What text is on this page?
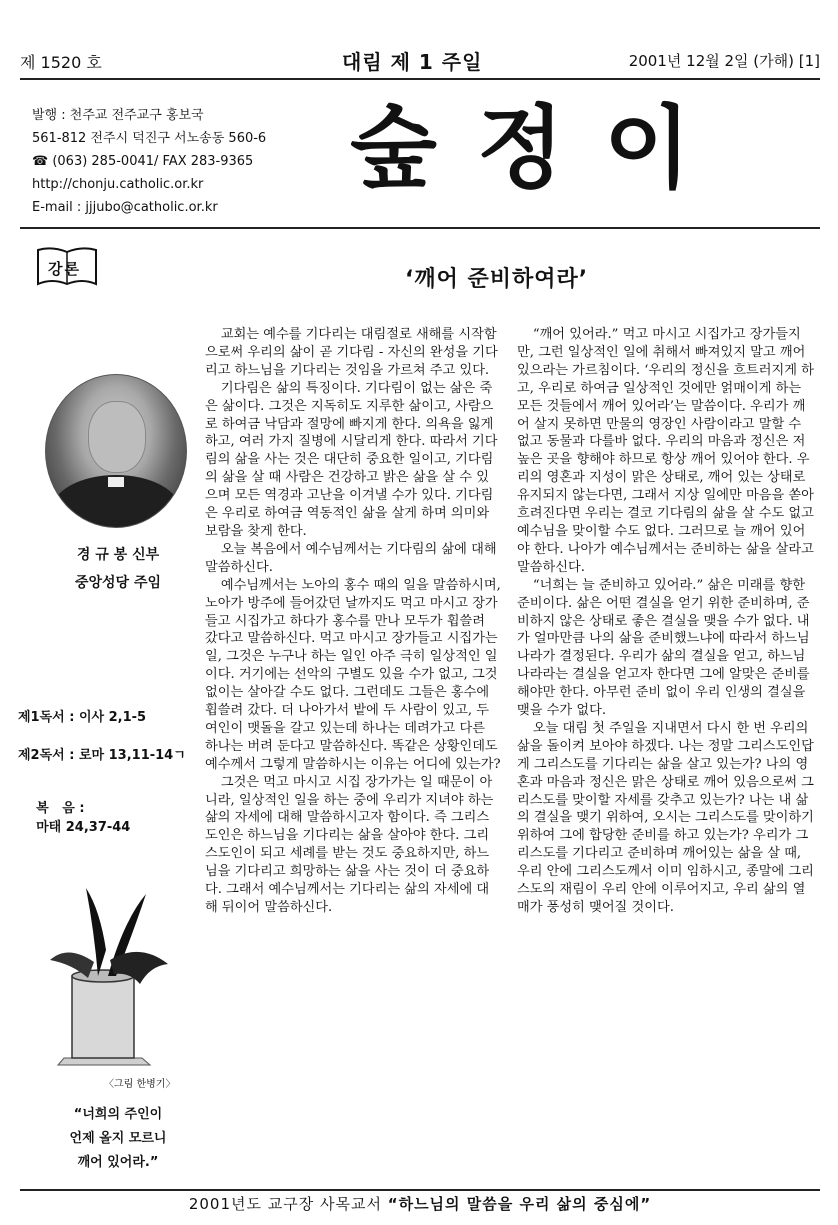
제 1520 호	대림 제 1 주일	2001년 12월 2일 (가해) [1]
발행 : 천주교 전주교구 홍보국
561-812 전주시 덕진구 서노송동 560-6
☎ (063) 285-0041/ FAX 283-9365
http://chonju.catholic.or.kr
E-mail : jjjubo@catholic.or.kr
숲정이
강론	‘깨어 준비하여라’
경 규 봉 신부
중앙성당 주임
제1독서 : 이사 2,1-5
제2독서 : 로마 13,11-14ㄱ

복   음 :
마태 24,37-44

〈그림 한병기〉
“너희의 주인이
언제 올지 모르니
깨어 있어라.”

교회는 예수를 기다리는 대림절로 새해를 시작함으로써 우리의 삶이 곧 기다림 - 자신의 완성을 기다리고 하느님을 기다리는 것임을 가르쳐 주고 있다.

기다림은 삶의 특징이다. 기다림이 없는 삶은 죽은 삶이다. 그것은 지독히도 지루한 삶이고, 사람으로 하여금 낙담과 절망에 빠지게 한다. 의욕을 잃게 하고, 여러 가지 질병에 시달리게 한다. 따라서 기다림의 삶을 사는 것은 대단히 중요한 일이고, 기다림의 삶을 살 때 사람은 건강하고 밝은 삶을 살 수 있으며 모든 역경과 고난을 이겨낼 수가 있다. 기다림은 우리로 하여금 역동적인 삶을 살게 하며 의미와 보람을 찾게 한다.

오늘 복음에서 예수님께서는 기다림의 삶에 대해 말씀하신다.

예수님께서는 노아의 홍수 때의 일을 말씀하시며, 노아가 방주에 들어갔던 날까지도 먹고 마시고 장가들고 시집가고 하다가 홍수를 만나 모두가 휩쓸려 갔다고 말씀하신다. 먹고 마시고 장가들고 시집가는 일, 그것은 누구나 하는 일인 아주 극히 일상적인 일이다. 거기에는 선악의 구별도 있을 수가 없고, 그것 없이는 살아갈 수도 없다. 그런데도 그들은 홍수에 휩쓸려 갔다. 더 나아가서 밭에 두 사람이 있고, 두 여인이 맷돌을 갈고 있는데 하나는 데려가고 다른 하나는 버려 둔다고 말씀하신다. 똑같은 상황인데도 예수께서 그렇게 말씀하시는 이유는 어디에 있는가?

그것은 먹고 마시고 시집 장가가는 일 때문이 아니라, 일상적인 일을 하는 중에 우리가 지녀야 하는 삶의 자세에 대해 말씀하시고자 함이다. 즉 그리스도인은 하느님을 기다리는 삶을 살아야 한다. 그리스도인이 되고 세례를 받는 것도 중요하지만, 하느님을 기다리고 희망하는 삶을 사는 것이 더 중요하다. 그래서 예수님께서는 기다리는 삶의 자세에 대해 뒤이어 말씀하신다.

“깨어 있어라.” 먹고 마시고 시집가고 장가들지만, 그런 일상적인 일에 취해서 빠져있지 말고 깨어 있으라는 가르침이다. ‘우리의 정신을 흐트러지게 하고, 우리로 하여금 일상적인 것에만 얽매이게 하는 모든 것들에서 깨어 있어라’는 말씀이다. 우리가 깨어 살지 못하면 만물의 영장인 사람이라고 말할 수 없고 동물과 다를바 없다. 우리의 마음과 정신은 저 높은 곳을 향해야 하므로 항상 깨어 있어야 한다. 우리의 영혼과 지성이 맑은 상태로, 깨어 있는 상태로 유지되지 않는다면, 그래서 지상 일에만 마음을 쏟아 흐려진다면 우리는 결코 기다림의 삶을 살 수도 없고 예수님을 맞이할 수도 없다. 그러므로 늘 깨어 있어야 한다. 나아가 예수님께서는 준비하는 삶을 살라고 말씀하신다.

“너희는 늘 준비하고 있어라.” 삶은 미래를 향한 준비이다. 삶은 어떤 결실을 얻기 위한 준비하며, 준비하지 않은 상태로 좋은 결실을 맺을 수가 없다. 내가 얼마만큼 나의 삶을 준비했느냐에 따라서 하느님 나라가 결정된다. 우리가 삶의 결실을 얻고, 하느님 나라라는 결실을 얻고자 한다면 그에 알맞은 준비를 해야만 한다. 아무런 준비 없이 우리 인생의 결실을 맺을 수가 없다.

오늘 대림 첫 주일을 지내면서 다시 한 번 우리의 삶을 돌이켜 보아야 하겠다. 나는 정말 그리스도인답게 그리스도를 기다리는 삶을 살고 있는가? 나의 영혼과 마음과 정신은 맑은 상태로 깨어 있음으로써 그리스도를 맞이할 자세를 갖추고 있는가? 나는 내 삶의 결실을 맺기 위하여, 오시는 그리스도를 맞이하기 위하여 그에 합당한 준비를 하고 있는가? 우리가 그리스도를 기다리고 준비하며 깨어있는 삶을 살 때, 우리 안에 그리스도께서 이미 임하시고, 종말에 그리스도의 재림이 우리 안에 이루어지고, 우리 삶의 열매가 풍성히 맺어질 것이다.

2001년도 교구장 사목교서 “하느님의 말씀을 우리 삶의 중심에”
